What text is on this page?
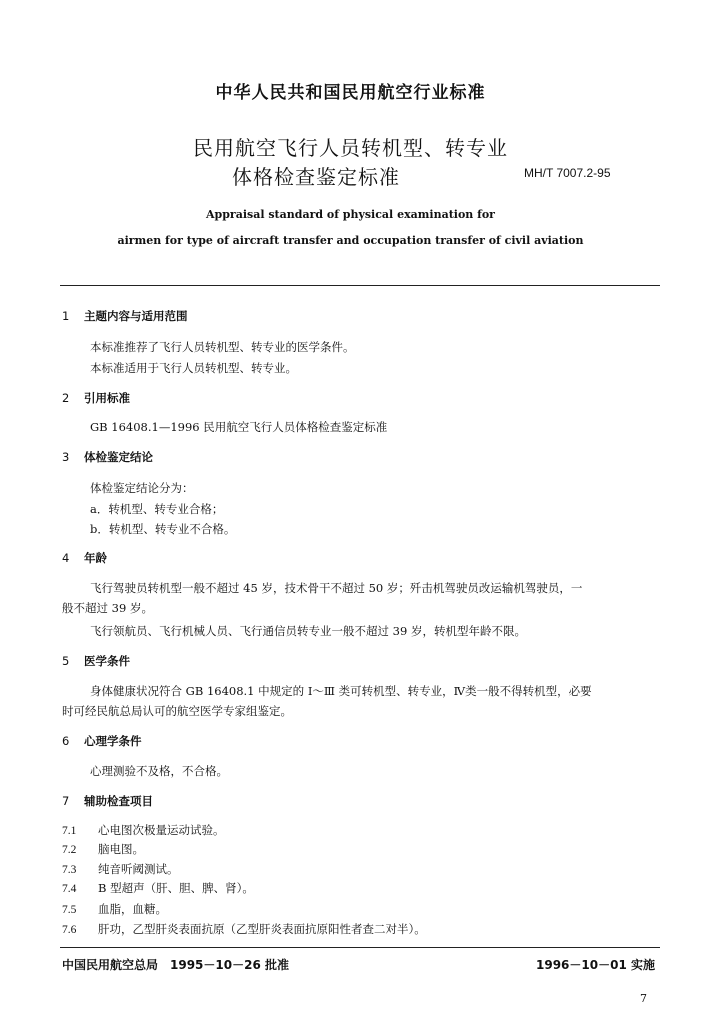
中华人民共和国民用航空行业标准
民用航空飞行人员转机型、转专业
体格检查鉴定标准	MH/T 7007.2-95
Appraisal standard of physical examination for
airmen for type of aircraft transfer and occupation transfer of civil aviation
1 主题内容与适用范围
本标准推荐了飞行人员转机型、转专业的医学条件。
本标准适用于飞行人员转机型、转专业。
2 引用标准
GB 16408.1—1996 民用航空飞行人员体格检查鉴定标准
3 体检鉴定结论
体检鉴定结论分为：
a．转机型、转专业合格；
b．转机型、转专业不合格。
4 年龄
飞行驾驶员转机型一般不超过 45 岁，技术骨干不超过 50 岁；歼击机驾驶员改运输机驾驶员，一
般不超过 39 岁。
飞行领航员、飞行机械人员、飞行通信员转专业一般不超过 39 岁，转机型年龄不限。
5 医学条件
身体健康状况符合 GB 16408.1 中规定的 Ⅰ～Ⅲ 类可转机型、转专业，Ⅳ类一般不得转机型，必要
时可经民航总局认可的航空医学专家组鉴定。
6 心理学条件
心理测验不及格，不合格。
7 辅助检查项目
7.1 心电图次极量运动试验。
7.2 脑电图。
7.3 纯音听阈测试。
7.4 B 型超声（肝、胆、脾、肾）。
7.5 血脂，血糖。
7.6 肝功，乙型肝炎表面抗原（乙型肝炎表面抗原阳性者查二对半）。
中国民用航空总局　1995－10－26 批准	1996－10－01 实施
7
